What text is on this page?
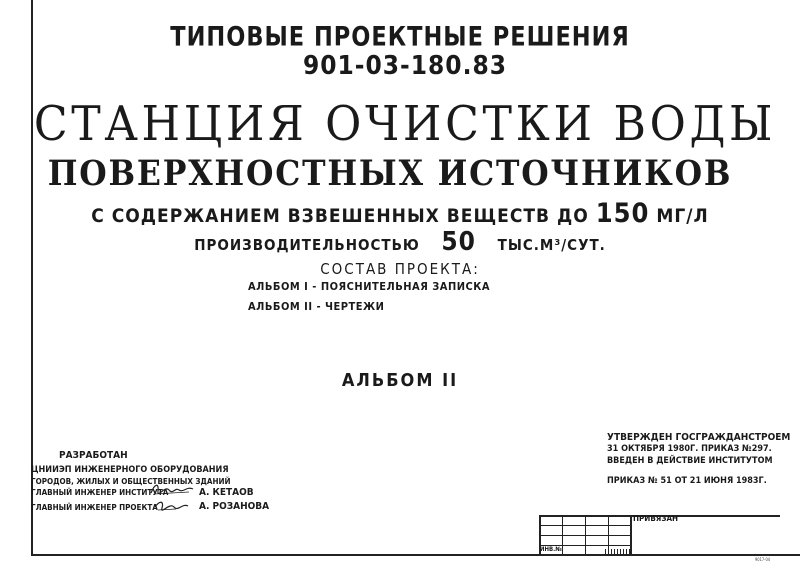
ТИПОВЫЕ ПРОЕКТНЫЕ РЕШЕНИЯ
901-03-180.83
СТАНЦИЯ ОЧИСТКИ ВОДЫ
ПОВЕРХНОСТНЫХ ИСТОЧНИКОВ
С СОДЕРЖАНИЕМ ВЗВЕШЕННЫХ ВЕЩЕСТВ ДО 150 МГ/Л
ПРОИЗВОДИТЕЛЬНОСТЬЮ 50 ТЫС.М³/СУТ.
СОСТАВ ПРОЕКТА:
АЛЬБОМ I - ПОЯСНИТЕЛЬНАЯ ЗАПИСКА
АЛЬБОМ II - ЧЕРТЕЖИ
АЛЬБОМ II
РАЗРАБОТАН
ЦНИИЭП ИНЖЕНЕРНОГО ОБОРУДОВАНИЯ
ГОРОДОВ, ЖИЛЫХ И ОБЩЕСТВЕННЫХ ЗДАНИЙ
ГЛАВНЫЙ ИНЖЕНЕР ИНСТИТУТА	А. КЕТАОВ
ГЛАВНЫЙ ИНЖЕНЕР ПРОЕКТА	А. РОЗАНОВА
УТВЕРЖДЕН ГОСГРАЖДАНСТРОЕМ
31 ОКТЯБРЯ 1980Г. ПРИКАЗ №297.
ВВЕДЕН В ДЕЙСТВИЕ ИНСТИТУТОМ
ПРИКАЗ № 51 ОТ 21 ИЮНЯ 1983Г.
ПРИВЯЗАН
ИНВ.№
9017-04
